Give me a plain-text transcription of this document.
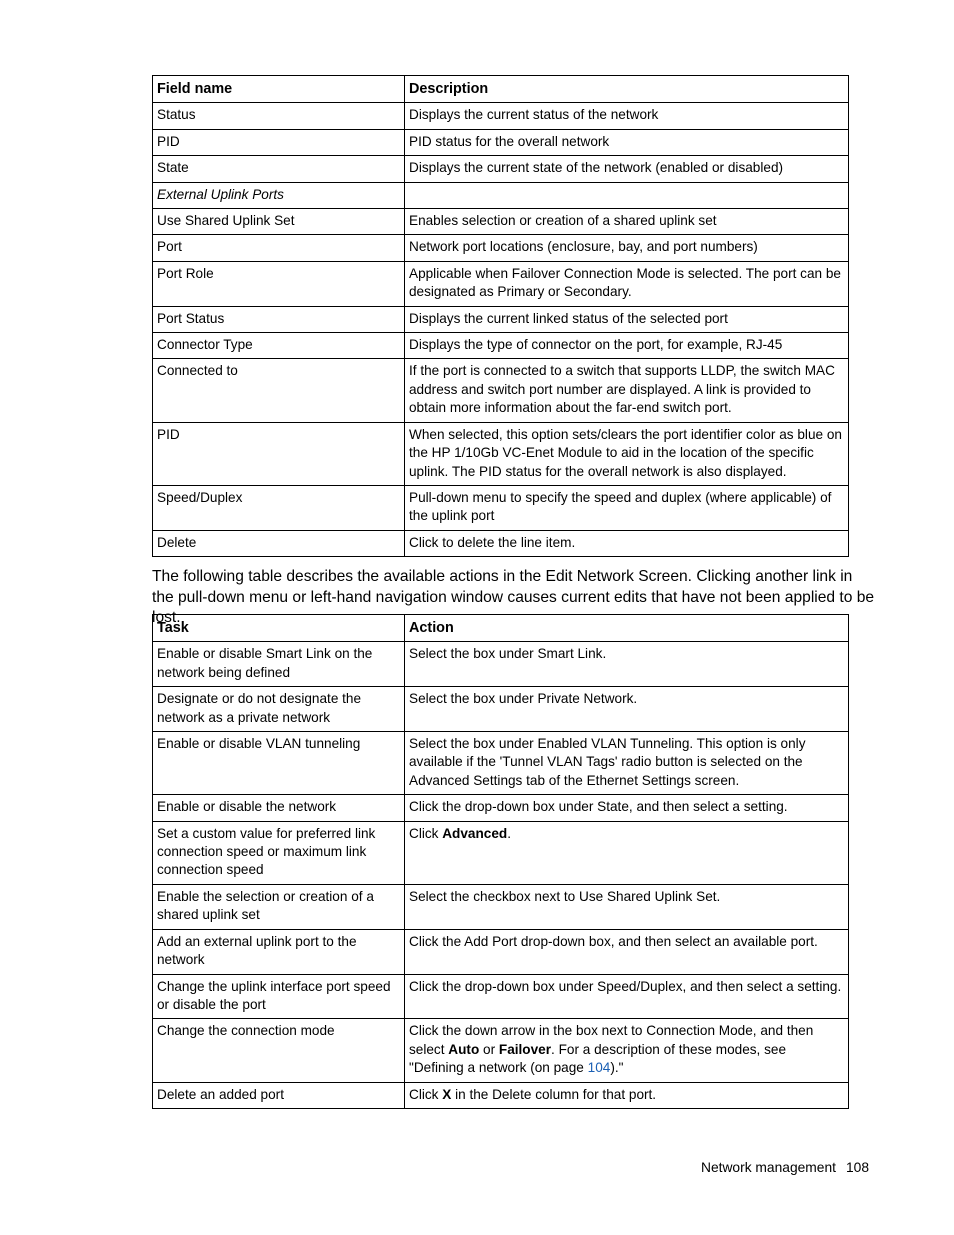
Field name	Description
Status	Displays the current status of the network
PID	PID status for the overall network
State	Displays the current state of the network (enabled or disabled)
External Uplink Ports	
Use Shared Uplink Set	Enables selection or creation of a shared uplink set
Port	Network port locations (enclosure, bay, and port numbers)
Port Role	Applicable when Failover Connection Mode is selected. The port can be designated as Primary or Secondary.
Port Status	Displays the current linked status of the selected port
Connector Type	Displays the type of connector on the port, for example, RJ-45
Connected to	If the port is connected to a switch that supports LLDP, the switch MAC address and switch port number are displayed. A link is provided to obtain more information about the far-end switch port.
PID	When selected, this option sets/clears the port identifier color as blue on the HP 1/10Gb VC-Enet Module to aid in the location of the specific uplink. The PID status for the overall network is also displayed.
Speed/Duplex	Pull-down menu to specify the speed and duplex (where applicable) of the uplink port
Delete	Click to delete the line item.

The following table describes the available actions in the Edit Network Screen. Clicking another link in the pull-down menu or left-hand navigation window causes current edits that have not been applied to be lost.

Task	Action
Enable or disable Smart Link on the network being defined	Select the box under Smart Link.
Designate or do not designate the network as a private network	Select the box under Private Network.
Enable or disable VLAN tunneling	Select the box under Enabled VLAN Tunneling. This option is only available if the 'Tunnel VLAN Tags' radio button is selected on the Advanced Settings tab of the Ethernet Settings screen.
Enable or disable the network	Click the drop-down box under State, and then select a setting.
Set a custom value for preferred link connection speed or maximum link connection speed	Click Advanced.
Enable the selection or creation of a shared uplink set	Select the checkbox next to Use Shared Uplink Set.
Add an external uplink port to the network	Click the Add Port drop-down box, and then select an available port.
Change the uplink interface port speed or disable the port	Click the drop-down box under Speed/Duplex, and then select a setting.
Change the connection mode	Click the down arrow in the box next to Connection Mode, and then select Auto or Failover. For a description of these modes, see "Defining a network (on page 104)."
Delete an added port	Click X in the Delete column for that port.
Network management 108
